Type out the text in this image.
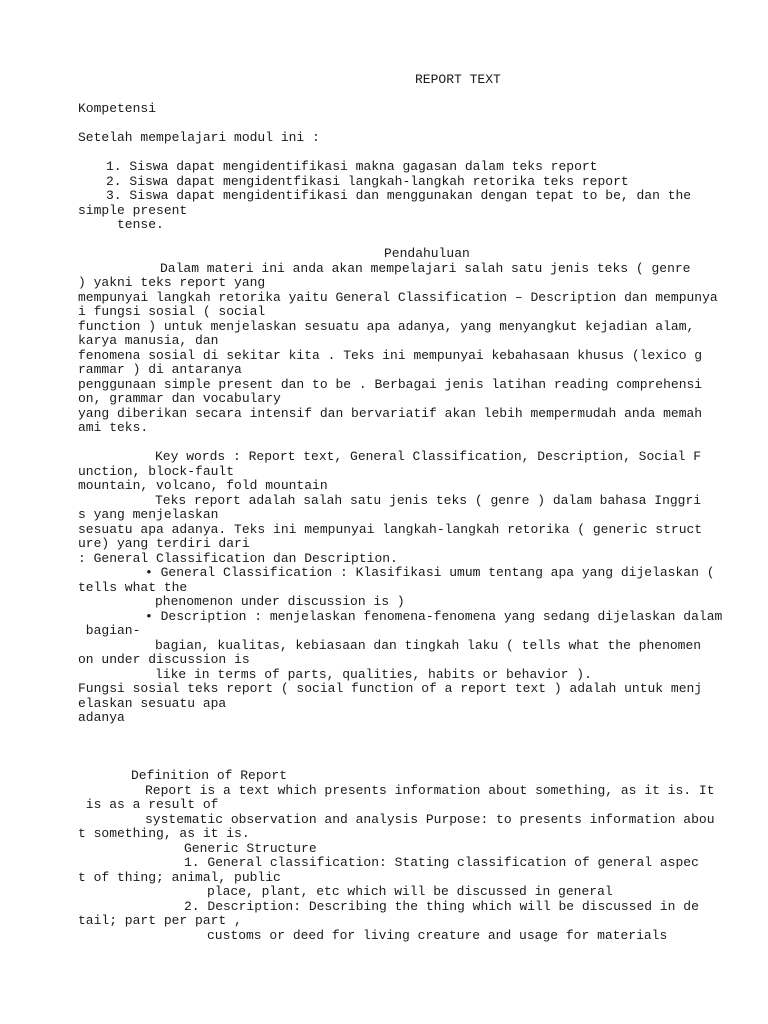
REPORT TEXT
Kompetensi
Setelah mempelajari modul ini :
1. Siswa dapat mengidentifikasi makna gagasan dalam teks report
2. Siswa dapat mengidentfikasi langkah-langkah retorika teks report
3. Siswa dapat mengidentifikasi dan menggunakan dengan tepat to be, dan the
simple present
tense.
Pendahuluan
Dalam materi ini anda akan mempelajari salah satu jenis teks ( genre
) yakni teks report yang
mempunyai langkah retorika yaitu General Classification – Description dan mempunya
i fungsi sosial ( social
function ) untuk menjelaskan sesuatu apa adanya, yang menyangkut kejadian alam,
karya manusia, dan
fenomena sosial di sekitar kita . Teks ini mempunyai kebahasaan khusus (lexico g
rammar ) di antaranya
penggunaan simple present dan to be . Berbagai jenis latihan reading comprehensi
on, grammar dan vocabulary
yang diberikan secara intensif dan bervariatif akan lebih mempermudah anda memah
ami teks.
Key words : Report text, General Classification, Description, Social F
unction, block-fault
mountain, volcano, fold mountain
Teks report adalah salah satu jenis teks ( genre ) dalam bahasa Inggri
s yang menjelaskan
sesuatu apa adanya. Teks ini mempunyai langkah-langkah retorika ( generic struct
ure) yang terdiri dari
: General Classification dan Description.
• General Classification : Klasifikasi umum tentang apa yang dijelaskan (
tells what the
phenomenon under discussion is )
• Description : menjelaskan fenomena-fenomena yang sedang dijelaskan dalam
bagian-
bagian, kualitas, kebiasaan dan tingkah laku ( tells what the phenomen
on under discussion is
like in terms of parts, qualities, habits or behavior ).
Fungsi sosial teks report ( social function of a report text ) adalah untuk menj
elaskan sesuatu apa
adanya
Definition of Report
Report is a text which presents information about something, as it is. It
is as a result of
systematic observation and analysis Purpose: to presents information abou
t something, as it is.
Generic Structure
1. General classification: Stating classification of general aspec
t of thing; animal, public
place, plant, etc which will be discussed in general
2. Description: Describing the thing which will be discussed in de
tail; part per part ,
customs or deed for living creature and usage for materials
